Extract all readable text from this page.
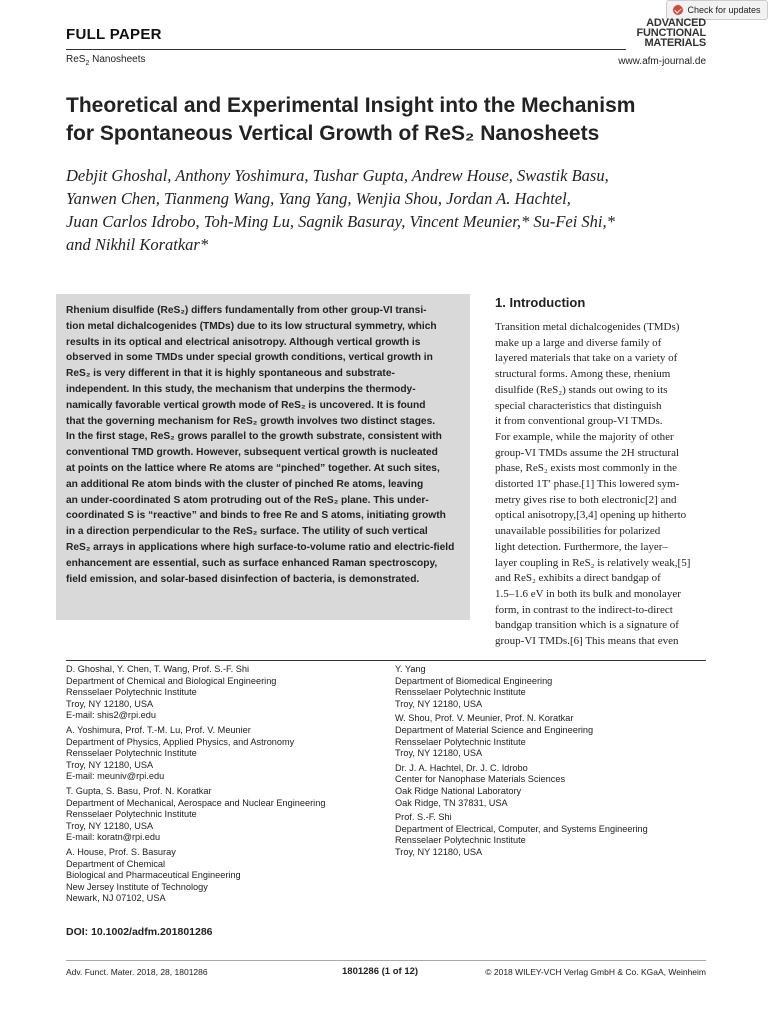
Check for updates
FULL PAPER
ReS$_2$ Nanosheets	www.afm-journal.de
ADVANCED
FUNCTIONAL
MATERIALS
Theoretical and Experimental Insight into the Mechanism
for Spontaneous Vertical Growth of ReS₂ Nanosheets
Debjit Ghoshal, Anthony Yoshimura, Tushar Gupta, Andrew House, Swastik Basu,
Yanwen Chen, Tianmeng Wang, Yang Yang, Wenjia Shou, Jordan A. Hachtel,
Juan Carlos Idrobo, Toh-Ming Lu, Sagnik Basuray, Vincent Meunier,* Su-Fei Shi,*
and Nikhil Koratkar*
Rhenium disulfide (ReS₂) differs fundamentally from other group-VI transi-
tion metal dichalcogenides (TMDs) due to its low structural symmetry, which
results in its optical and electrical anisotropy. Although vertical growth is
observed in some TMDs under special growth conditions, vertical growth in
ReS₂ is very different in that it is highly spontaneous and substrate-
independent. In this study, the mechanism that underpins the thermody-
namically favorable vertical growth mode of ReS₂ is uncovered. It is found
that the governing mechanism for ReS₂ growth involves two distinct stages.
In the first stage, ReS₂ grows parallel to the growth substrate, consistent with
conventional TMD growth. However, subsequent vertical growth is nucleated
at points on the lattice where Re atoms are “pinched” together. At such sites,
an additional Re atom binds with the cluster of pinched Re atoms, leaving
an under-coordinated S atom protruding out of the ReS₂ plane. This under-
coordinated S is “reactive” and binds to free Re and S atoms, initiating growth
in a direction perpendicular to the ReS₂ surface. The utility of such vertical
ReS₂ arrays in applications where high surface-to-volume ratio and electric-field
enhancement are essential, such as surface enhanced Raman spectroscopy,
field emission, and solar-based disinfection of bacteria, is demonstrated.
1. Introduction
Transition metal dichalcogenides (TMDs)
make up a large and diverse family of
layered materials that take on a variety of
structural forms. Among these, rhenium
disulfide (ReS₂) stands out owing to its
special characteristics that distinguish
it from conventional group-VI TMDs.
For example, while the majority of other
group-VI TMDs assume the 2H structural
phase, ReS₂ exists most commonly in the
distorted 1T′ phase.[1] This lowered sym-
metry gives rise to both electronic[2] and
optical anisotropy,[3,4] opening up hitherto
unavailable possibilities for polarized
light detection. Furthermore, the layer–
layer coupling in ReS₂ is relatively weak,[5]
and ReS₂ exhibits a direct bandgap of
1.5–1.6 eV in both its bulk and monolayer
form, in contrast to the indirect-to-direct
bandgap transition which is a signature of
group-VI TMDs.[6] This means that even
D. Ghoshal, Y. Chen, T. Wang, Prof. S.-F. Shi
Department of Chemical and Biological Engineering
Rensselaer Polytechnic Institute
Troy, NY 12180, USA
E-mail: shis2@rpi.edu
A. Yoshimura, Prof. T.-M. Lu, Prof. V. Meunier
Department of Physics, Applied Physics, and Astronomy
Rensselaer Polytechnic Institute
Troy, NY 12180, USA
E-mail: meuniv@rpi.edu
T. Gupta, S. Basu, Prof. N. Koratkar
Department of Mechanical, Aerospace and Nuclear Engineering
Rensselaer Polytechnic Institute
Troy, NY 12180, USA
E-mail: koratn@rpi.edu
A. House, Prof. S. Basuray
Department of Chemical
Biological and Pharmaceutical Engineering
New Jersey Institute of Technology
Newark, NJ 07102, USA
Y. Yang
Department of Biomedical Engineering
Rensselaer Polytechnic Institute
Troy, NY 12180, USA
W. Shou, Prof. V. Meunier, Prof. N. Koratkar
Department of Material Science and Engineering
Rensselaer Polytechnic Institute
Troy, NY 12180, USA
Dr. J. A. Hachtel, Dr. J. C. Idrobo
Center for Nanophase Materials Sciences
Oak Ridge National Laboratory
Oak Ridge, TN 37831, USA
Prof. S.-F. Shi
Department of Electrical, Computer, and Systems Engineering
Rensselaer Polytechnic Institute
Troy, NY 12180, USA
DOI: 10.1002/adfm.201801286
Adv. Funct. Mater. 2018, 28, 1801286	1801286 (1 of 12)	© 2018 WILEY-VCH Verlag GmbH & Co. KGaA, Weinheim
